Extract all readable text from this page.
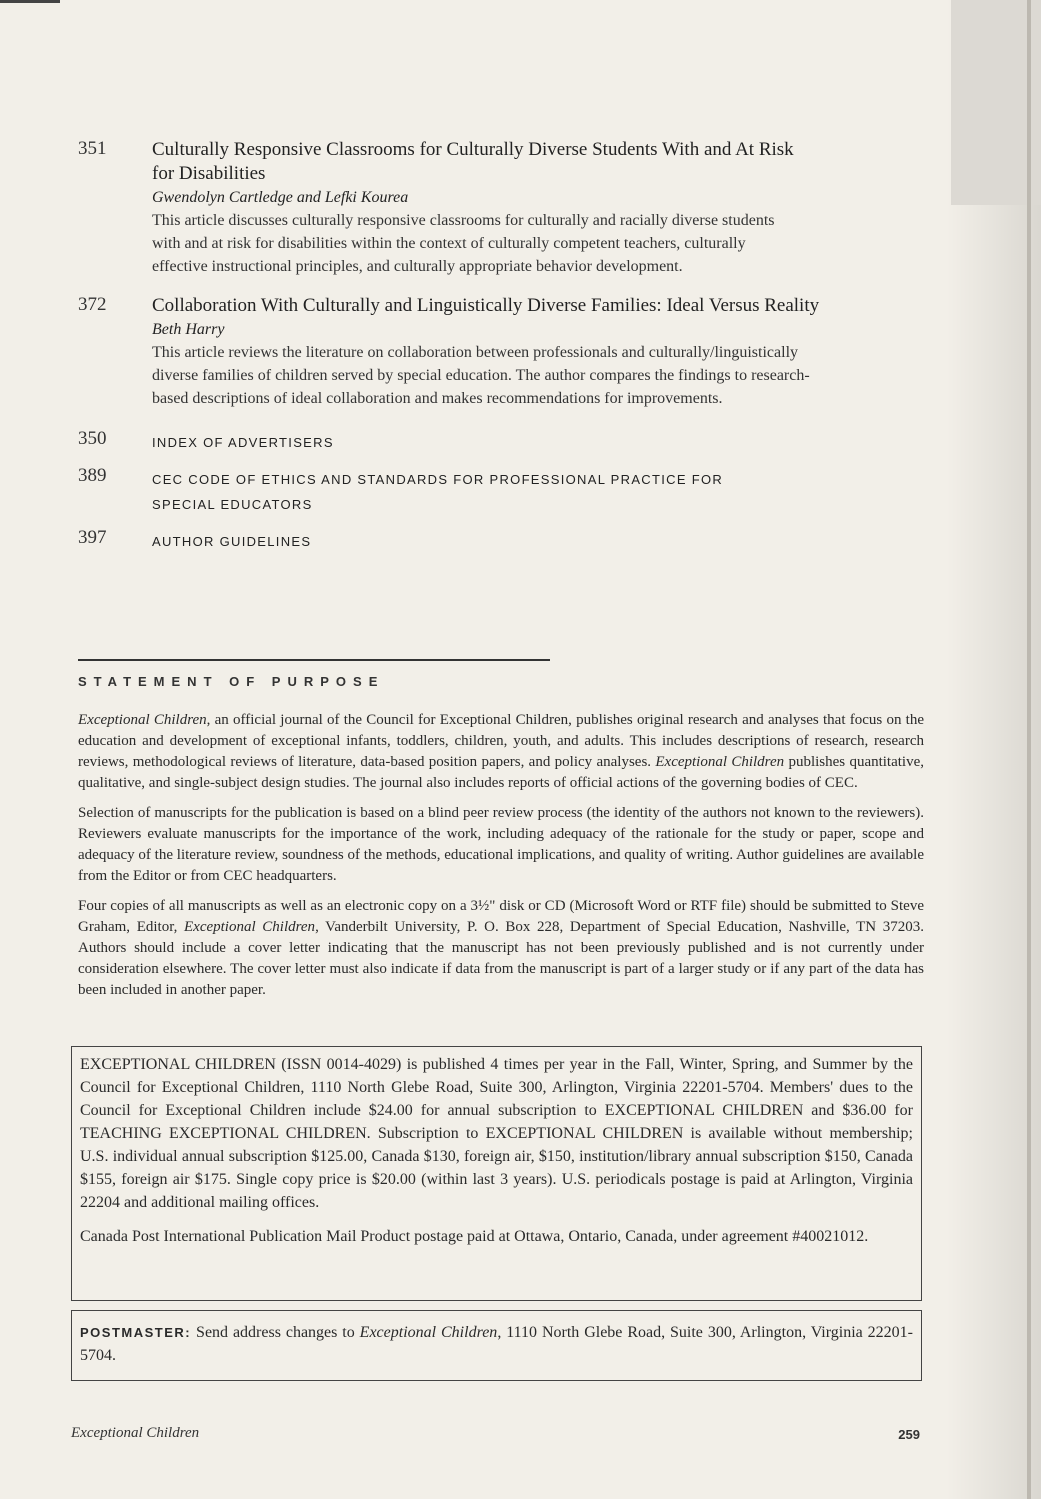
351	Culturally Responsive Classrooms for Culturally Diverse Students With and At Risk
for Disabilities
Gwendolyn Cartledge and Lefki Kourea
This article discusses culturally responsive classrooms for culturally and racially diverse students
with and at risk for disabilities within the context of culturally competent teachers, culturally
effective instructional principles, and culturally appropriate behavior development.
372	Collaboration With Culturally and Linguistically Diverse Families: Ideal Versus Reality
Beth Harry
This article reviews the literature on collaboration between professionals and culturally/linguistically
diverse families of children served by special education. The author compares the findings to research-
based descriptions of ideal collaboration and makes recommendations for improvements.
350	INDEX OF ADVERTISERS
389	CEC CODE OF ETHICS AND STANDARDS FOR PROFESSIONAL PRACTICE FOR
SPECIAL EDUCATORS
397	AUTHOR GUIDELINES
STATEMENT OF PURPOSE

Exceptional Children, an official journal of the Council for Exceptional Children, publishes original research and analyses that focus on the education and development of exceptional infants, toddlers, children, youth, and adults. This includes descriptions of research, research reviews, methodological reviews of literature, data-based position papers, and policy analyses. Exceptional Children publishes quantitative, qualitative, and single-subject design studies. The journal also includes reports of official actions of the governing bodies of CEC.

Selection of manuscripts for the publication is based on a blind peer review process (the identity of the authors not known to the reviewers). Reviewers evaluate manuscripts for the importance of the work, including adequacy of the rationale for the study or paper, scope and adequacy of the literature review, soundness of the methods, educational implications, and quality of writing. Author guidelines are available from the Editor or from CEC headquarters.

Four copies of all manuscripts as well as an electronic copy on a 3½" disk or CD (Microsoft Word or RTF file) should be submitted to Steve Graham, Editor, Exceptional Children, Vanderbilt University, P. O. Box 228, Department of Special Education, Nashville, TN 37203. Authors should include a cover letter indicating that the manuscript has not been previously published and is not currently under consideration elsewhere. The cover letter must also indicate if data from the manuscript is part of a larger study or if any part of the data has been included in another paper.

EXCEPTIONAL CHILDREN (ISSN 0014-4029) is published 4 times per year in the Fall, Winter, Spring, and Summer by the Council for Exceptional Children, 1110 North Glebe Road, Suite 300, Arlington, Virginia 22201-5704. Members' dues to the Council for Exceptional Children include $24.00 for annual subscription to EXCEPTIONAL CHILDREN and $36.00 for TEACHING EXCEPTIONAL CHILDREN. Subscription to EXCEPTIONAL CHILDREN is available without membership; U.S. individual annual subscription $125.00, Canada $130, foreign air, $150, institution/library annual subscription $150, Canada $155, foreign air $175. Single copy price is $20.00 (within last 3 years). U.S. periodicals postage is paid at Arlington, Virginia 22204 and additional mailing offices.

Canada Post International Publication Mail Product postage paid at Ottawa, Ontario, Canada, under agreement #40021012.

POSTMASTER: Send address changes to Exceptional Children, 1110 North Glebe Road, Suite 300, Arlington, Virginia 22201-5704.

Exceptional Children	259
